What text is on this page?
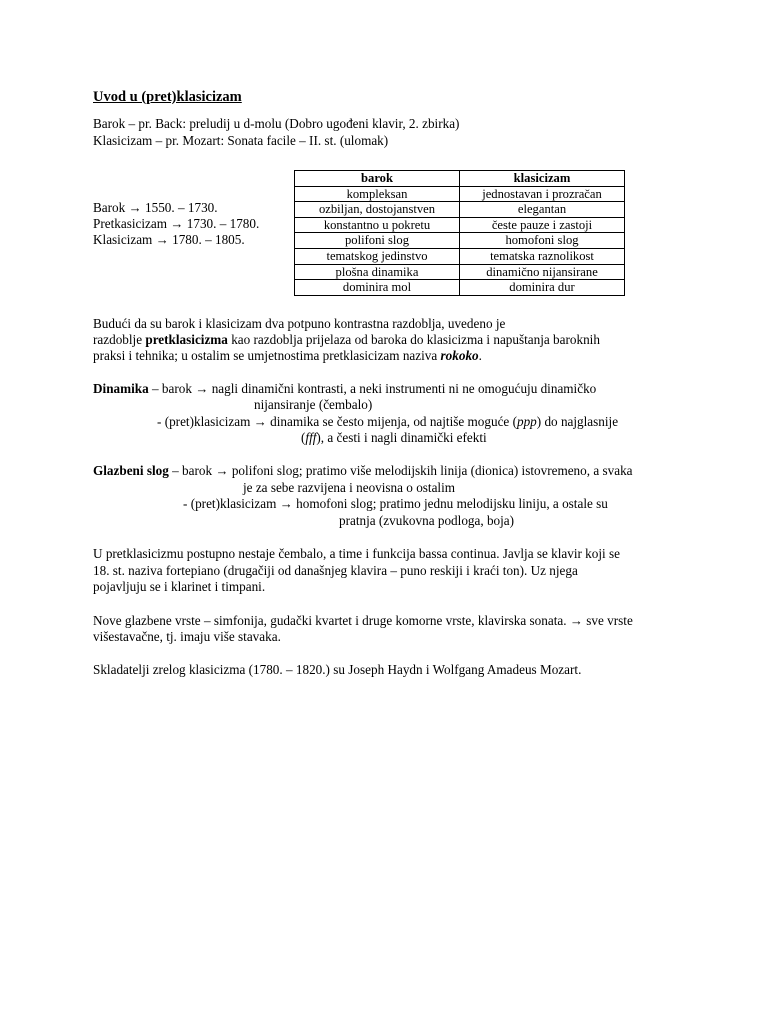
Uvod u (pret)klasicizam
Barok – pr. Back: preludij u d-molu (Dobro ugođeni klavir, 2. zbirka)
Klasicizam – pr. Mozart: Sonata facile – II. st. (ulomak)
Barok → 1550. – 1730.
Pretkasicizam → 1730. – 1780.
Klasicizam → 1780. – 1805.
barok	klasicizam
kompleksan	jednostavan i prozračan
ozbiljan, dostojanstven	elegantan
konstantno u pokretu	česte pauze i zastoji
polifoni slog	homofoni slog
tematskog jedinstvo	tematska raznolikost
plošna dinamika	dinamično nijansirane
dominira mol	dominira dur
Budući da su barok i klasicizam dva potpuno kontrastna razdoblja, uvedeno je
razdoblje pretklasicizma kao razdoblja prijelaza od baroka do klasicizma i napuštanja baroknih
praksi i tehnika; u ostalim se umjetnostima pretklasicizam naziva rokoko.
Dinamika – barok → nagli dinamični kontrasti, a neki instrumenti ni ne omogućuju dinamičko
nijansiranje (čembalo)
- (pret)klasicizam → dinamika se često mijenja, od najtiše moguće (ppp) do najglasnije
(fff), a česti i nagli dinamički efekti
Glazbeni slog – barok → polifoni slog; pratimo više melodijskih linija (dionica) istovremeno, a svaka
je za sebe razvijena i neovisna o ostalim
- (pret)klasicizam → homofoni slog; pratimo jednu melodijsku liniju, a ostale su
pratnja (zvukovna podloga, boja)
U pretklasicizmu postupno nestaje čembalo, a time i funkcija bassa continua. Javlja se klavir koji se
18. st. naziva fortepiano (drugačiji od današnjeg klavira – puno reskiji i kraći ton). Uz njega
pojavljuju se i klarinet i timpani.
Nove glazbene vrste – simfonija, gudački kvartet i druge komorne vrste, klavirska sonata. → sve vrste
višestavačne, tj. imaju više stavaka.
Skladatelji zrelog klasicizma (1780. – 1820.) su Joseph Haydn i Wolfgang Amadeus Mozart.
